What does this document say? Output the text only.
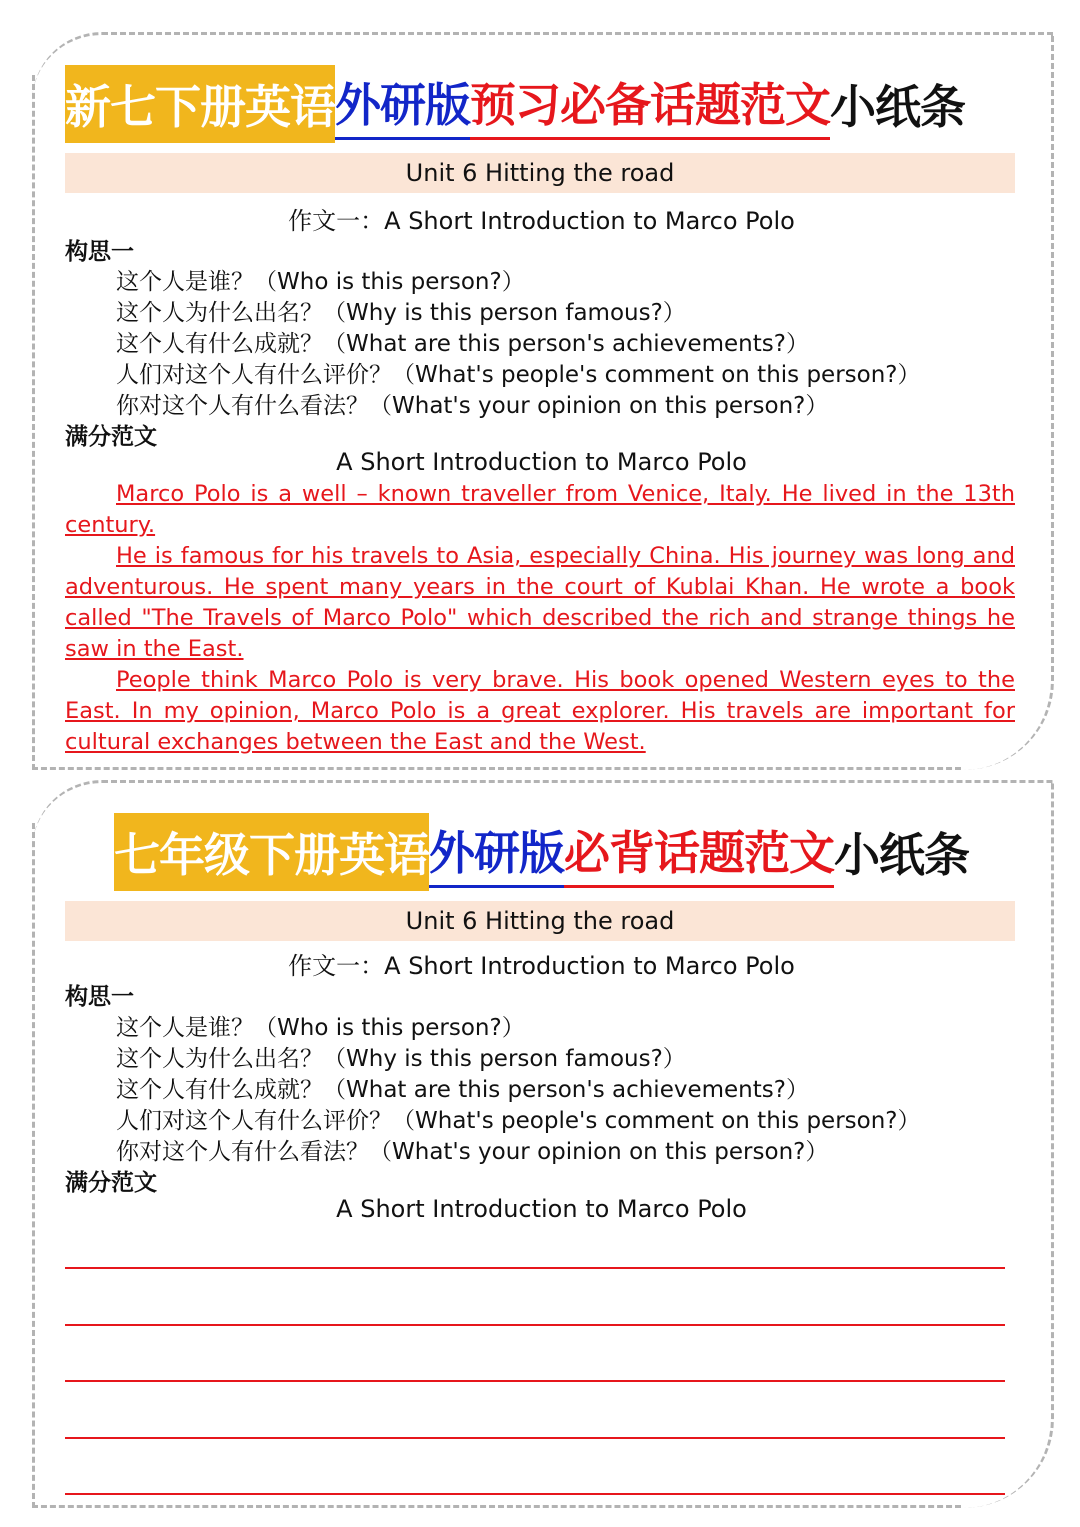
新七下册英语 外研版 预习必备话题范文 小纸条
Unit 6 Hitting the road
作文一：A Short Introduction to Marco Polo
构思一
这个人是谁？（Who is this person?）
这个人为什么出名？（Why is this person famous?）
这个人有什么成就？（What are this person's achievements?）
人们对这个人有什么评价？（What's people's comment on this person?）
你对这个人有什么看法？（What's your opinion on this person?）
满分范文
A Short Introduction to Marco Polo

Marco Polo is a well – known traveller from Venice, Italy. He lived in the 13th century.

He is famous for his travels to Asia, especially China. His journey was long and adventurous. He spent many years in the court of Kublai Khan. He wrote a book called "The Travels of Marco Polo" which described the rich and strange things he saw in the East.

People think Marco Polo is very brave. His book opened Western eyes to the East. In my opinion, Marco Polo is a great explorer. His travels are important for cultural exchanges between the East and the West.

七年级下册英语 外研版 必背话题范文 小纸条
Unit 6 Hitting the road
作文一：A Short Introduction to Marco Polo
构思一
这个人是谁？（Who is this person?）
这个人为什么出名？（Why is this person famous?）
这个人有什么成就？（What are this person's achievements?）
人们对这个人有什么评价？（What's people's comment on this person?）
你对这个人有什么看法？（What's your opinion on this person?）
满分范文
A Short Introduction to Marco Polo
